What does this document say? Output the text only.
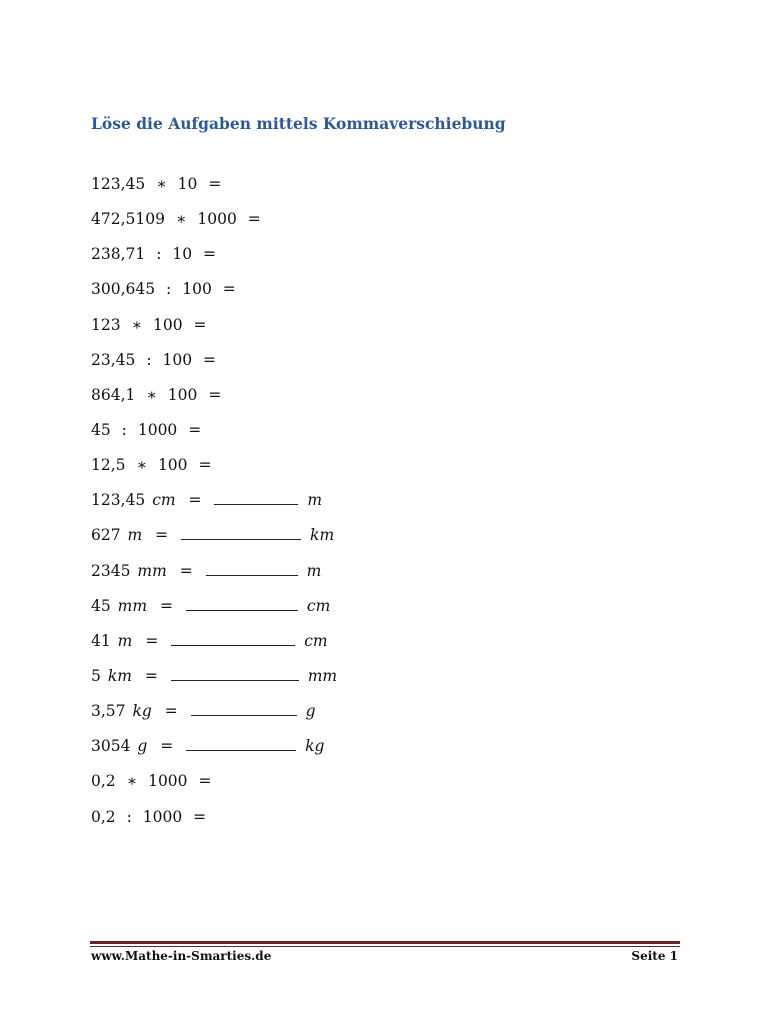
Löse die Aufgaben mittels Kommaverschiebung
123,45 ∗ 10 =
472,5109 ∗ 1000 =
238,71 : 10 =
300,645 : 100 =
123 ∗ 100 =
23,45 : 100 =
864,1 ∗ 100 =
45 : 1000 =
12,5 ∗ 100 =
123,45 cm =	m
627 m =	km
2345 mm =	m
45 mm =	cm
41 m =	cm
5 km =	mm
3,57 kg =	g
3054 g =	kg
0,2 ∗ 1000 =
0,2 : 1000 =
www.Mathe-in-Smarties.de	Seite 1
